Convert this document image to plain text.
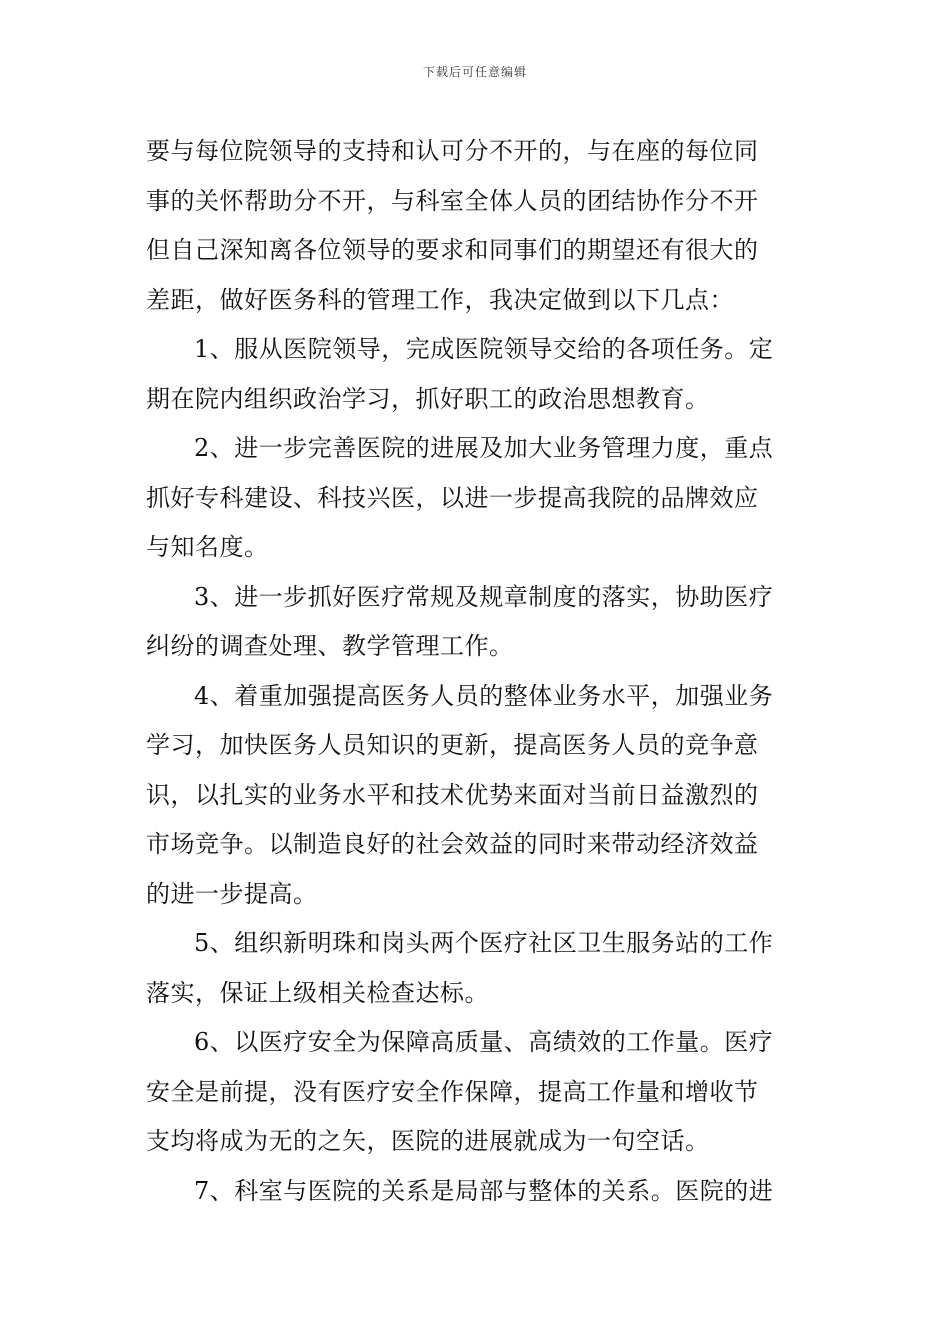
下载后可任意编辑

要与每位院领导的支持和认可分不开的，与在座的每位同
事的关怀帮助分不开，与科室全体人员的团结协作分不开
但自己深知离各位领导的要求和同事们的期望还有很大的
差距，做好医务科的管理工作，我决定做到以下几点：

1、服从医院领导，完成医院领导交给的各项任务。定
期在院内组织政治学习，抓好职工的政治思想教育。

2、进一步完善医院的进展及加大业务管理力度，重点
抓好专科建设、科技兴医，以进一步提高我院的品牌效应
与知名度。

3、进一步抓好医疗常规及规章制度的落实，协助医疗
纠纷的调查处理、教学管理工作。

4、着重加强提高医务人员的整体业务水平，加强业务
学习，加快医务人员知识的更新，提高医务人员的竞争意
识，以扎实的业务水平和技术优势来面对当前日益激烈的
市场竞争。以制造良好的社会效益的同时来带动经济效益
的进一步提高。

5、组织新明珠和岗头两个医疗社区卫生服务站的工作
落实，保证上级相关检查达标。

6、以医疗安全为保障高质量、高绩效的工作量。医疗
安全是前提，没有医疗安全作保障，提高工作量和增收节
支均将成为无的之矢，医院的进展就成为一句空话。

7、科室与医院的关系是局部与整体的关系。医院的进
